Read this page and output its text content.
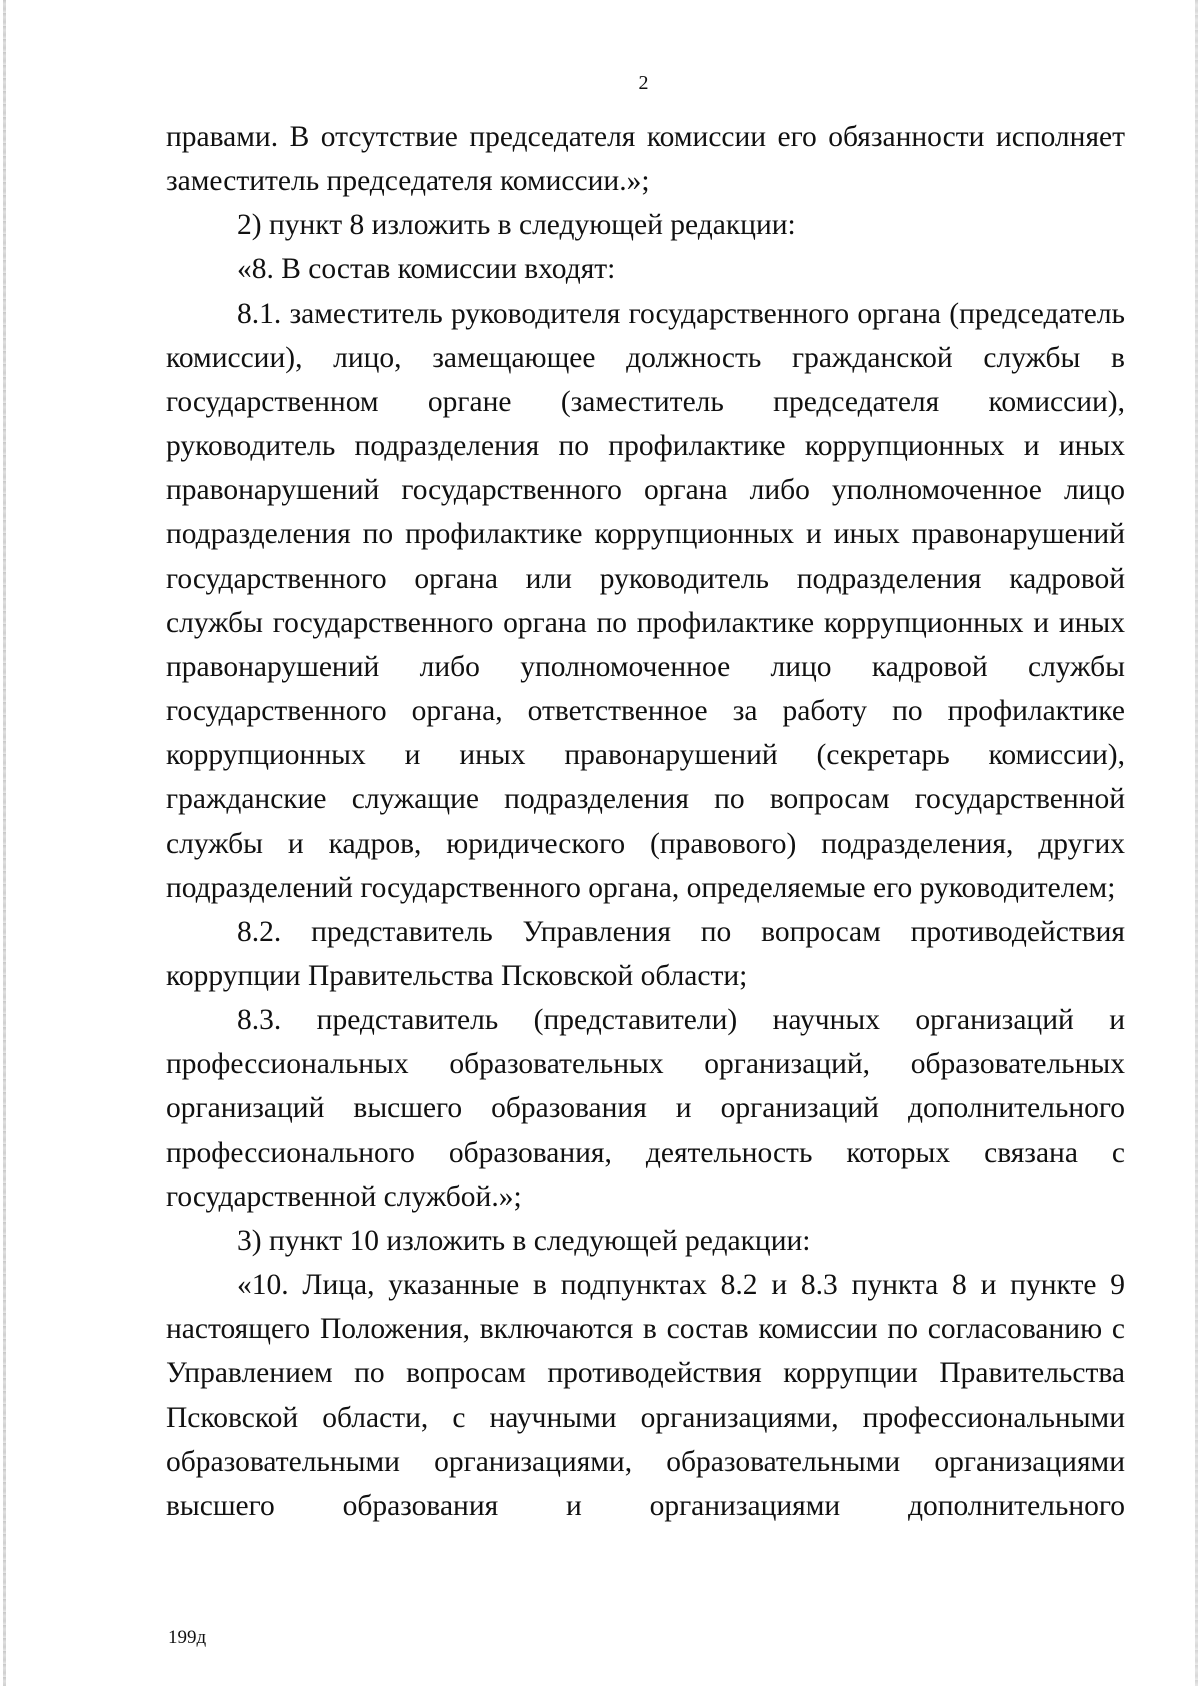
2

правами. В отсутствие председателя комиссии его обязанности исполняет заместитель председателя комиссии.»;

2) пункт 8 изложить в следующей редакции:

«8. В состав комиссии входят:

8.1. заместитель руководителя государственного органа (председатель комиссии), лицо, замещающее должность гражданской службы в государственном органе (заместитель председателя комиссии), руководитель подразделения по профилактике коррупционных и иных правонарушений государственного органа либо уполномоченное лицо подразделения по профилактике коррупционных и иных правонарушений государственного органа или руководитель подразделения кадровой службы государственного органа по профилактике коррупционных и иных правонарушений либо уполномоченное лицо кадровой службы государственного органа, ответственное за работу по профилактике коррупционных и иных правонарушений (секретарь комиссии), гражданские служащие подразделения по вопросам государственной службы и кадров, юридического (правового) подразделения, других подразделений государственного органа, определяемые его руководителем;

8.2. представитель Управления по вопросам противодействия коррупции Правительства Псковской области;

8.3. представитель (представители) научных организаций и профессиональных образовательных организаций, образовательных организаций высшего образования и организаций дополнительного профессионального образования, деятельность которых связана с государственной службой.»;

3) пункт 10 изложить в следующей редакции:

«10. Лица, указанные в подпунктах 8.2 и 8.3 пункта 8 и пункте 9 настоящего Положения, включаются в состав комиссии по согласованию с Управлением по вопросам противодействия коррупции Правительства Псковской области, с научными организациями, профессиональными образовательными организациями, образовательными организациями высшего образования и организациями дополнительного

199д
